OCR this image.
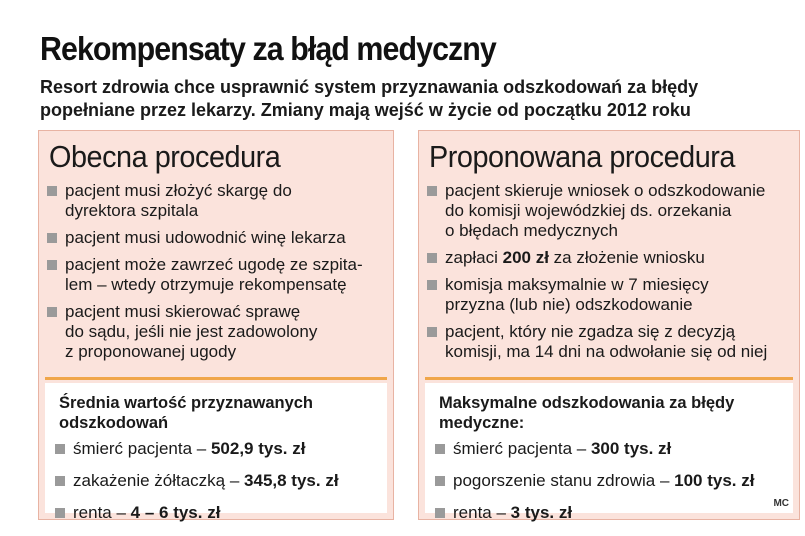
Rekompensaty za błąd medyczny
Resort zdrowia chce usprawnić system przyznawania odszkodowań za błędy
popełniane przez lekarzy. Zmiany mają wejść w życie od początku 2012 roku
Obecna procedura
pacjent musi złożyć skargę do
dyrektora szpitala
pacjent musi udowodnić winę lekarza
pacjent może zawrzeć ugodę ze szpita-
lem – wtedy otrzymuje rekompensatę
pacjent musi skierować sprawę
do sądu, jeśli nie jest zadowolony
z proponowanej ugody
Średnia wartość przyznawanych
odszkodowań
śmierć pacjenta – 502,9 tys. zł
zakażenie żółtaczką – 345,8 tys. zł
renta – 4 – 6 tys. zł
Proponowana procedura
pacjent skieruje wniosek o odszkodowanie
do komisji wojewódzkiej ds. orzekania
o błędach medycznych
zapłaci 200 zł za złożenie wniosku
komisja maksymalnie w 7 miesięcy
przyzna (lub nie) odszkodowanie
pacjent, który nie zgadza się z decyzją
komisji, ma 14 dni na odwołanie się od niej
Maksymalne odszkodowania za błędy
medyczne:
śmierć pacjenta – 300 tys. zł
pogorszenie stanu zdrowia – 100 tys. zł
renta – 3 tys. zł	MC
